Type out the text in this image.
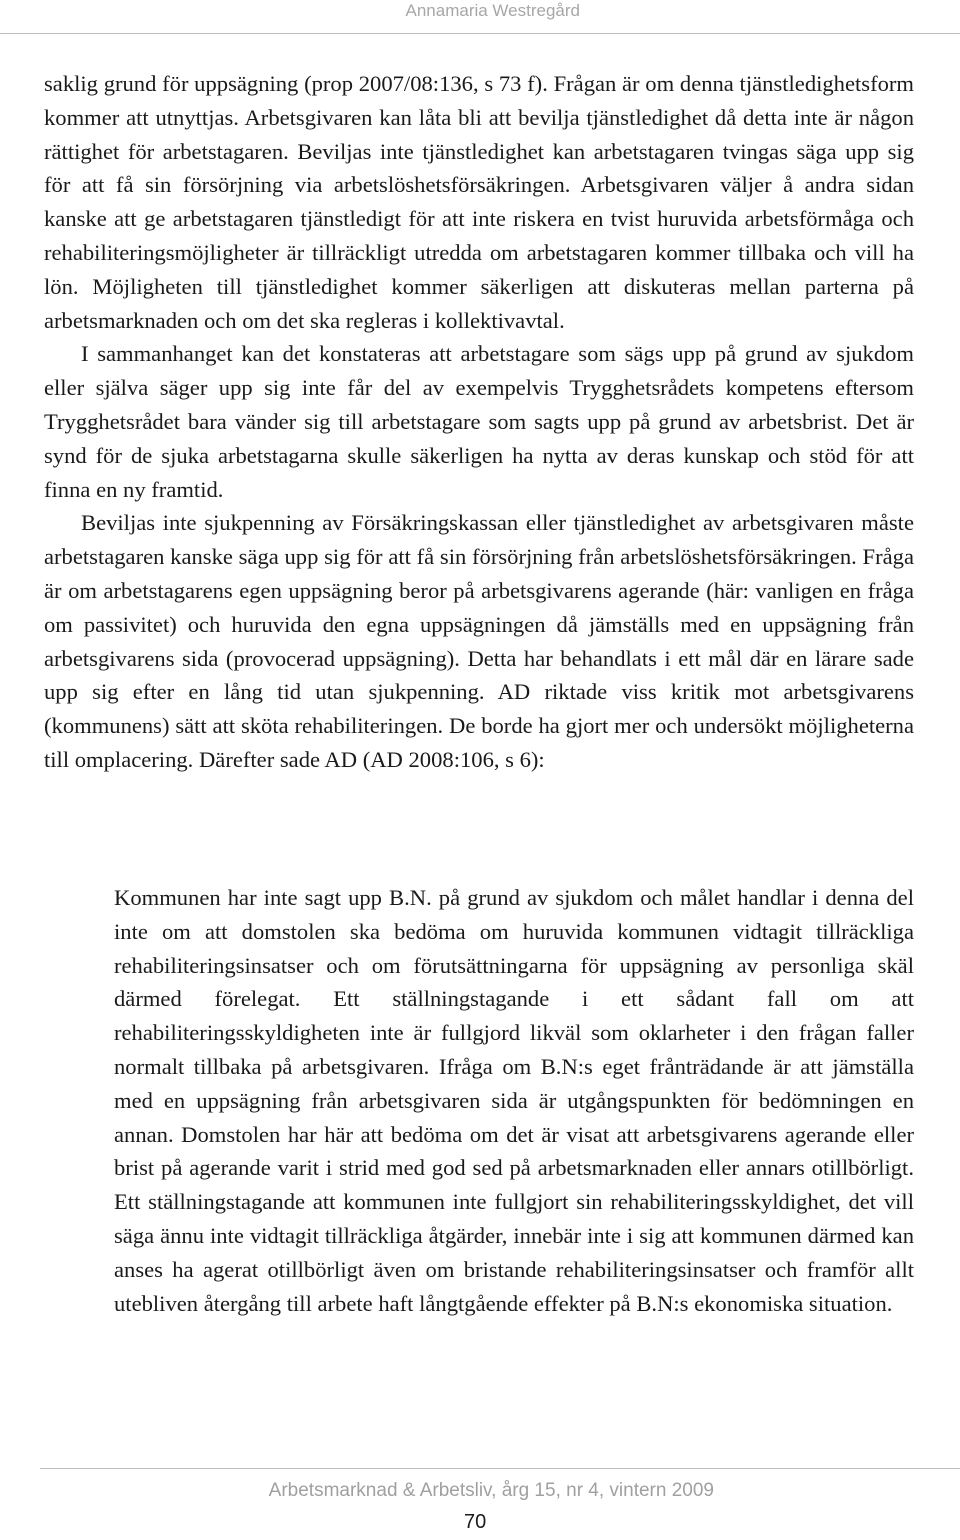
Annamaria Westregård

saklig grund för uppsägning (prop 2007/08:136, s 73 f). Frågan är om denna tjänstledighetsform kommer att utnyttjas. Arbetsgivaren kan låta bli att bevilja tjänstledighet då detta inte är någon rättighet för arbetstagaren. Beviljas inte tjänstledighet kan arbetstagaren tvingas säga upp sig för att få sin försörjning via arbetslöshetsförsäkringen. Arbetsgivaren väljer å andra sidan kanske att ge arbetstagaren tjänstledigt för att inte riskera en tvist huruvida arbetsförmåga och rehabiliteringsmöjligheter är tillräckligt utredda om arbetstagaren kommer tillbaka och vill ha lön. Möjligheten till tjänstledighet kommer säkerligen att diskuteras mellan parterna på arbetsmarknaden och om det ska regleras i kollektivavtal.

I sammanhanget kan det konstateras att arbetstagare som sägs upp på grund av sjukdom eller själva säger upp sig inte får del av exempelvis Trygghetsrådets kompetens eftersom Trygghetsrådet bara vänder sig till arbetstagare som sagts upp på grund av arbetsbrist. Det är synd för de sjuka arbetstagarna skulle säkerligen ha nytta av deras kunskap och stöd för att finna en ny framtid.

Beviljas inte sjukpenning av Försäkringskassan eller tjänstledighet av arbetsgivaren måste arbetstagaren kanske säga upp sig för att få sin försörjning från arbetslöshetsförsäkringen. Fråga är om arbetstagarens egen uppsägning beror på arbetsgivarens agerande (här: vanligen en fråga om passivitet) och huruvida den egna uppsägningen då jämställs med en uppsägning från arbetsgivarens sida (provocerad uppsägning). Detta har behandlats i ett mål där en lärare sade upp sig efter en lång tid utan sjukpenning. AD riktade viss kritik mot arbetsgivarens (kommunens) sätt att sköta rehabiliteringen. De borde ha gjort mer och undersökt möjligheterna till omplacering. Därefter sade AD (AD 2008:106, s 6):

Kommunen har inte sagt upp B.N. på grund av sjukdom och målet handlar i denna del inte om att domstolen ska bedöma om huruvida kommunen vidtagit tillräckliga rehabiliteringsinsatser och om förutsättningarna för uppsägning av personliga skäl därmed förelegat. Ett ställningstagande i ett sådant fall om att rehabiliteringsskyldigheten inte är fullgjord likväl som oklarheter i den frågan faller normalt tillbaka på arbetsgivaren. Ifråga om B.N:s eget frånträdande är att jämställa med en uppsägning från arbetsgivaren sida är utgångspunkten för bedömningen en annan. Domstolen har här att bedöma om det är visat att arbetsgivarens agerande eller brist på agerande varit i strid med god sed på arbetsmarknaden eller annars otillbörligt. Ett ställningstagande att kommunen inte fullgjort sin rehabiliteringsskyldighet, det vill säga ännu inte vidtagit tillräckliga åtgärder, innebär inte i sig att kommunen därmed kan anses ha agerat otillbörligt även om bristande rehabiliteringsinsatser och framför allt utebliven återgång till arbete haft långtgående effekter på B.N:s ekonomiska situation.

Arbetsmarknad & Arbetsliv, årg 15, nr 4, vintern 2009
70
